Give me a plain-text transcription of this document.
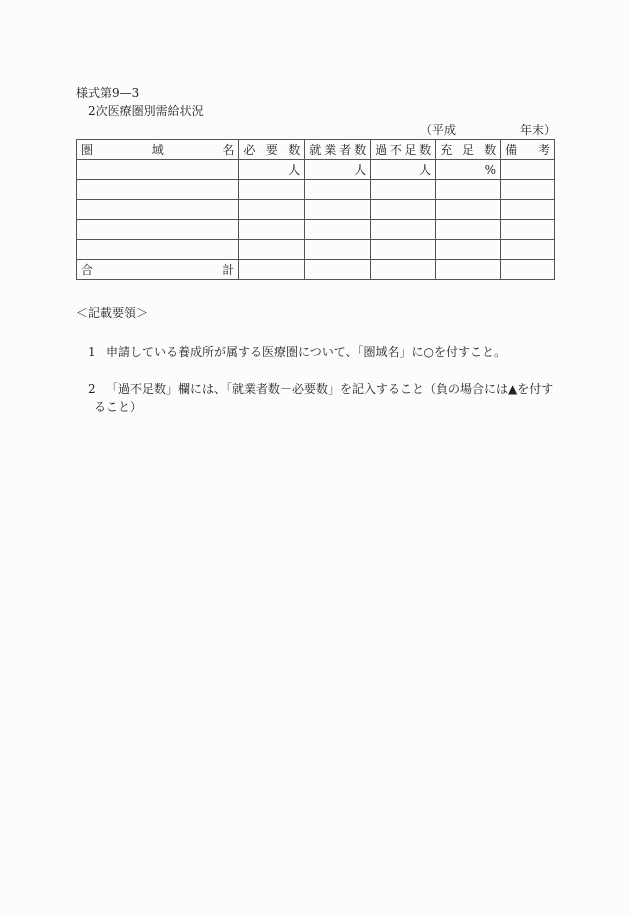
様式第9—3
2次医療圏別需給状況
（平成	年末）
圏 域 名	必 要 数	就 業 者 数	過 不 足 数	充 足 数	備 考

	人	人	人	%	

合 計					

＜記載要領＞
1 申請している養成所が属する医療圏について、「圏域名」に○を付すこと。
2 「過不足数」欄には、「就業者数－必要数」を記入すること（負の場合には▲を付す
ること）
